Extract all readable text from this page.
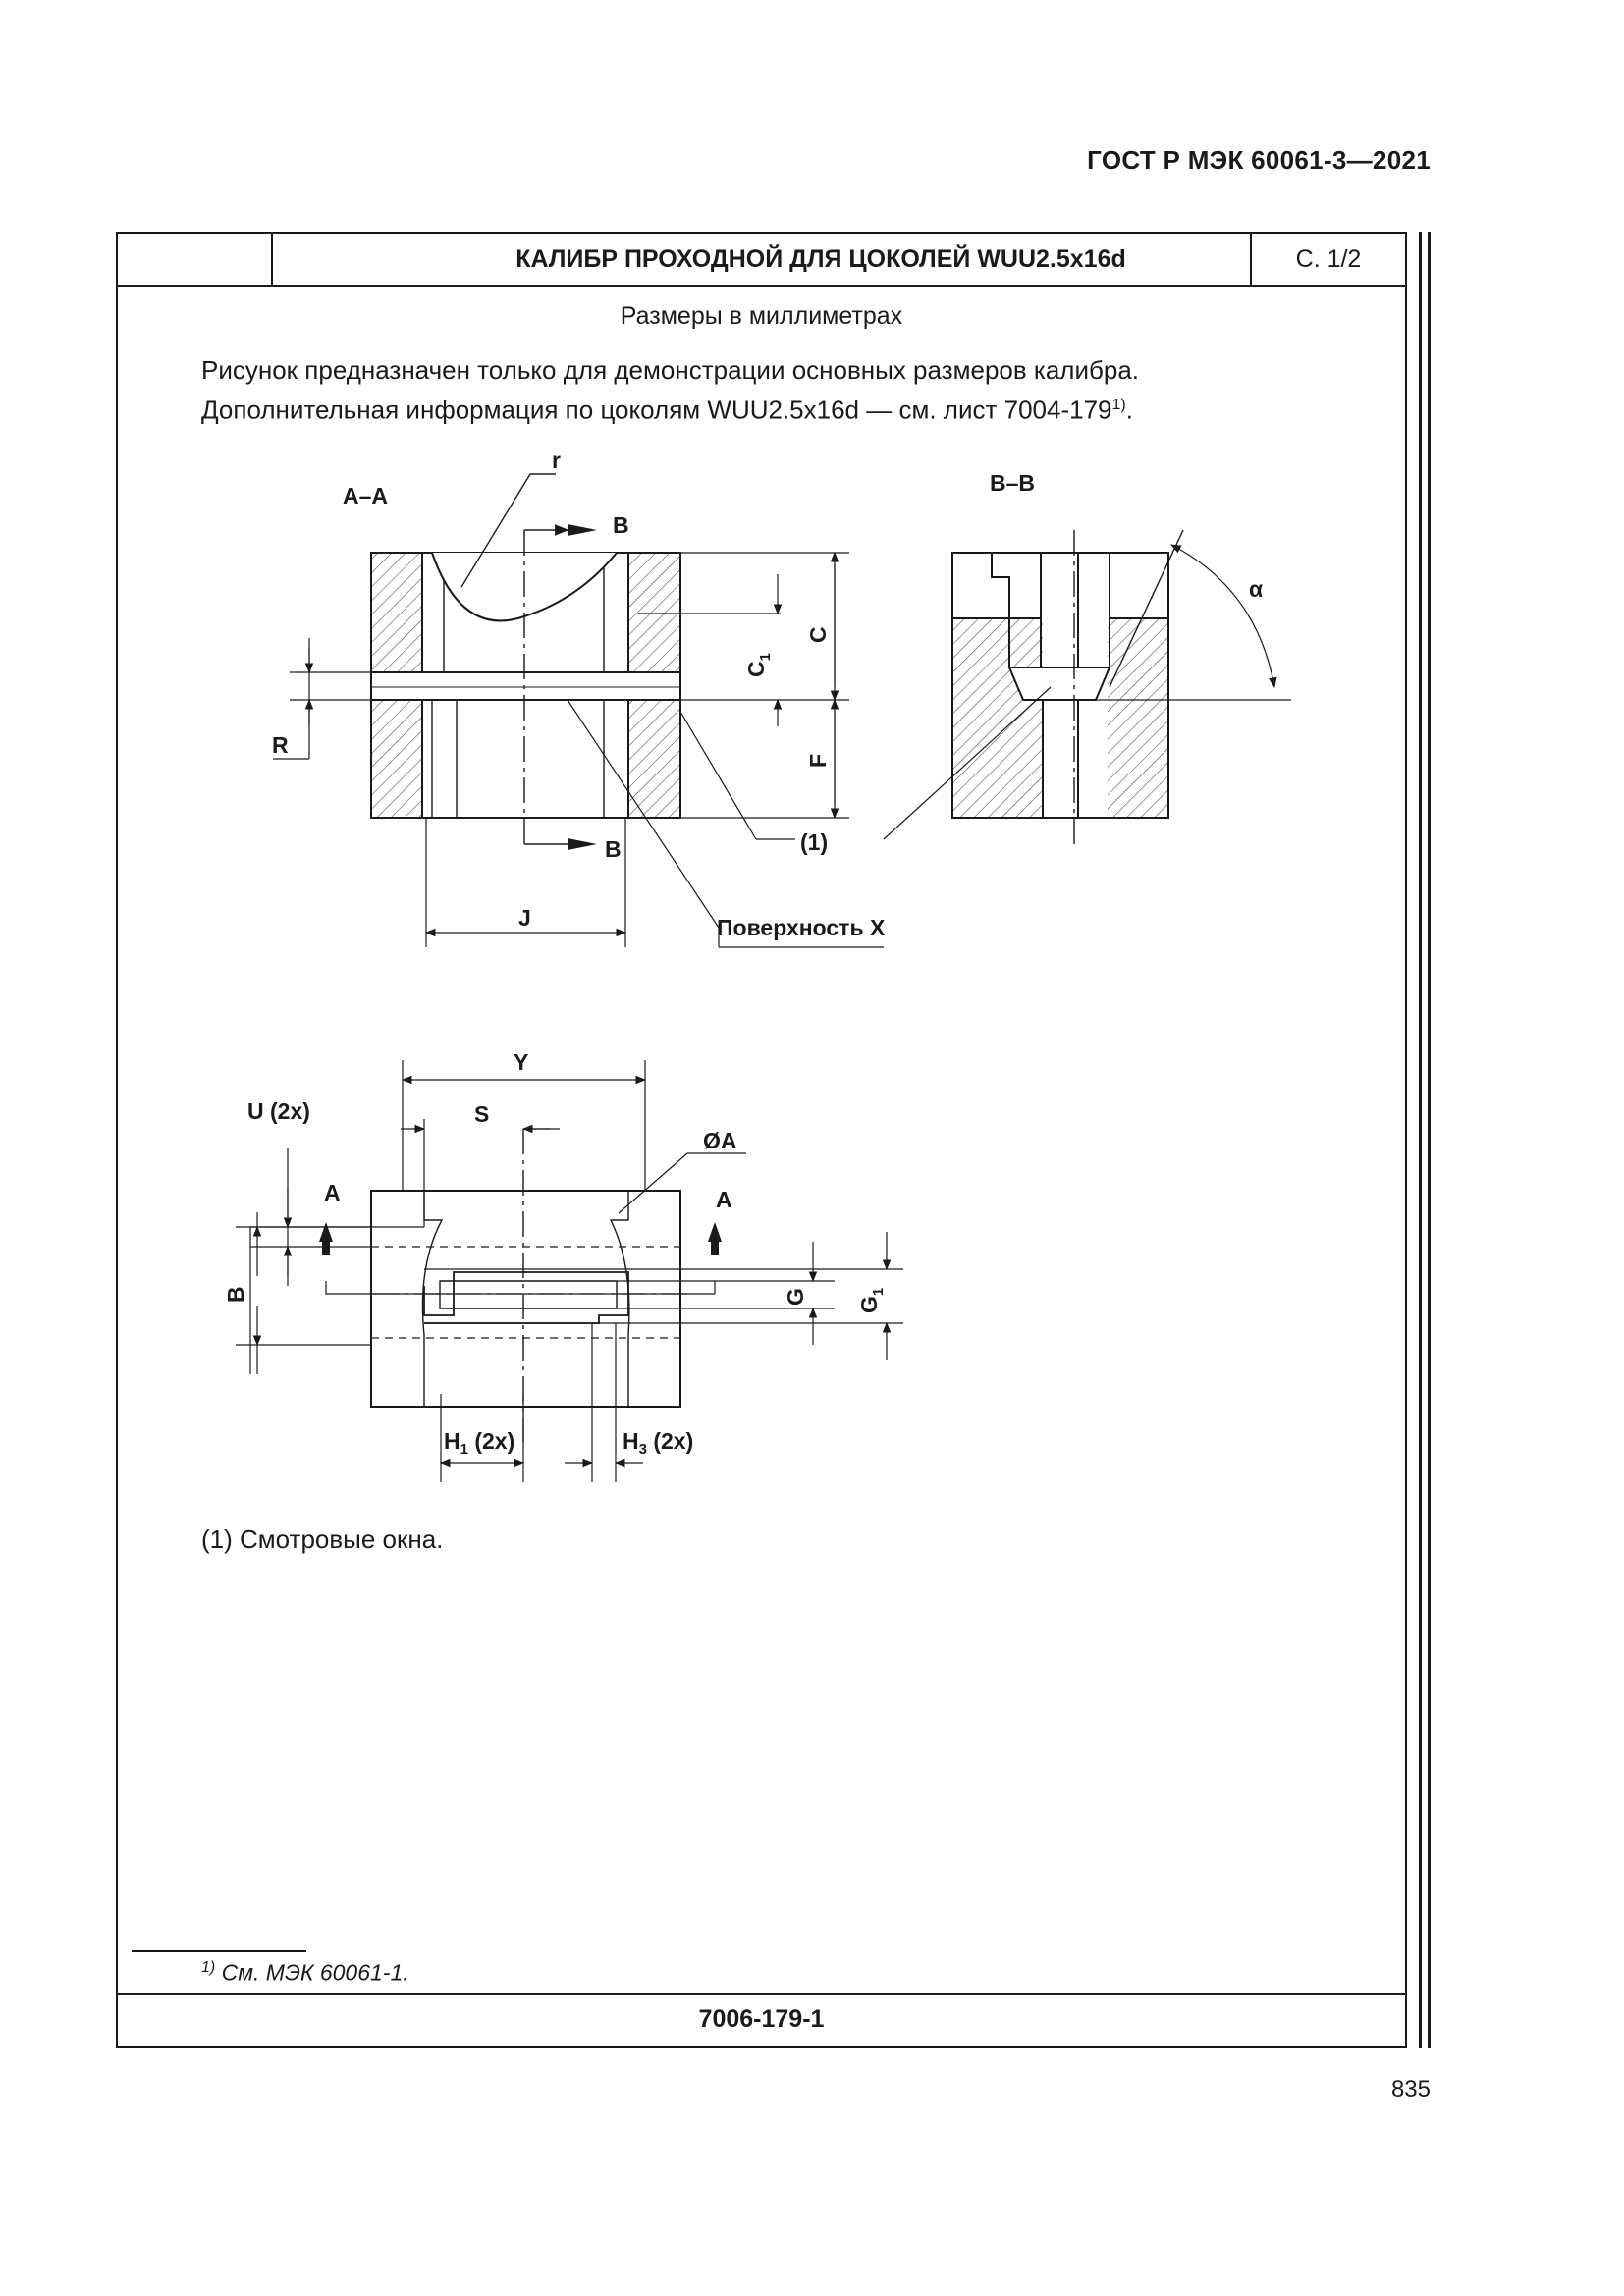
ГОСТ Р МЭК 60061-3—2021
КАЛИБР ПРОХОДНОЙ ДЛЯ ЦОКОЛЕЙ WUU2.5x16d	С. 1/2
Размеры в миллиметрах
Рисунок предназначен только для демонстрации основных размеров калибра.
Дополнительная информация по цоколям WUU2.5x16d — см. лист 7004-179$^{1)}$.
(1) Смотровые окна.
$^{1)}$ См. МЭК 60061-1.
7006-179-1
A–A	B–B
r
R
B
B
C
$C_1$
F
J
(1)
Поверхность X
α
Y
S
U (2x)
A	A
ØA
B	G $G_1$
$H_1$ (2x)	$H_3$ (2x)
835
